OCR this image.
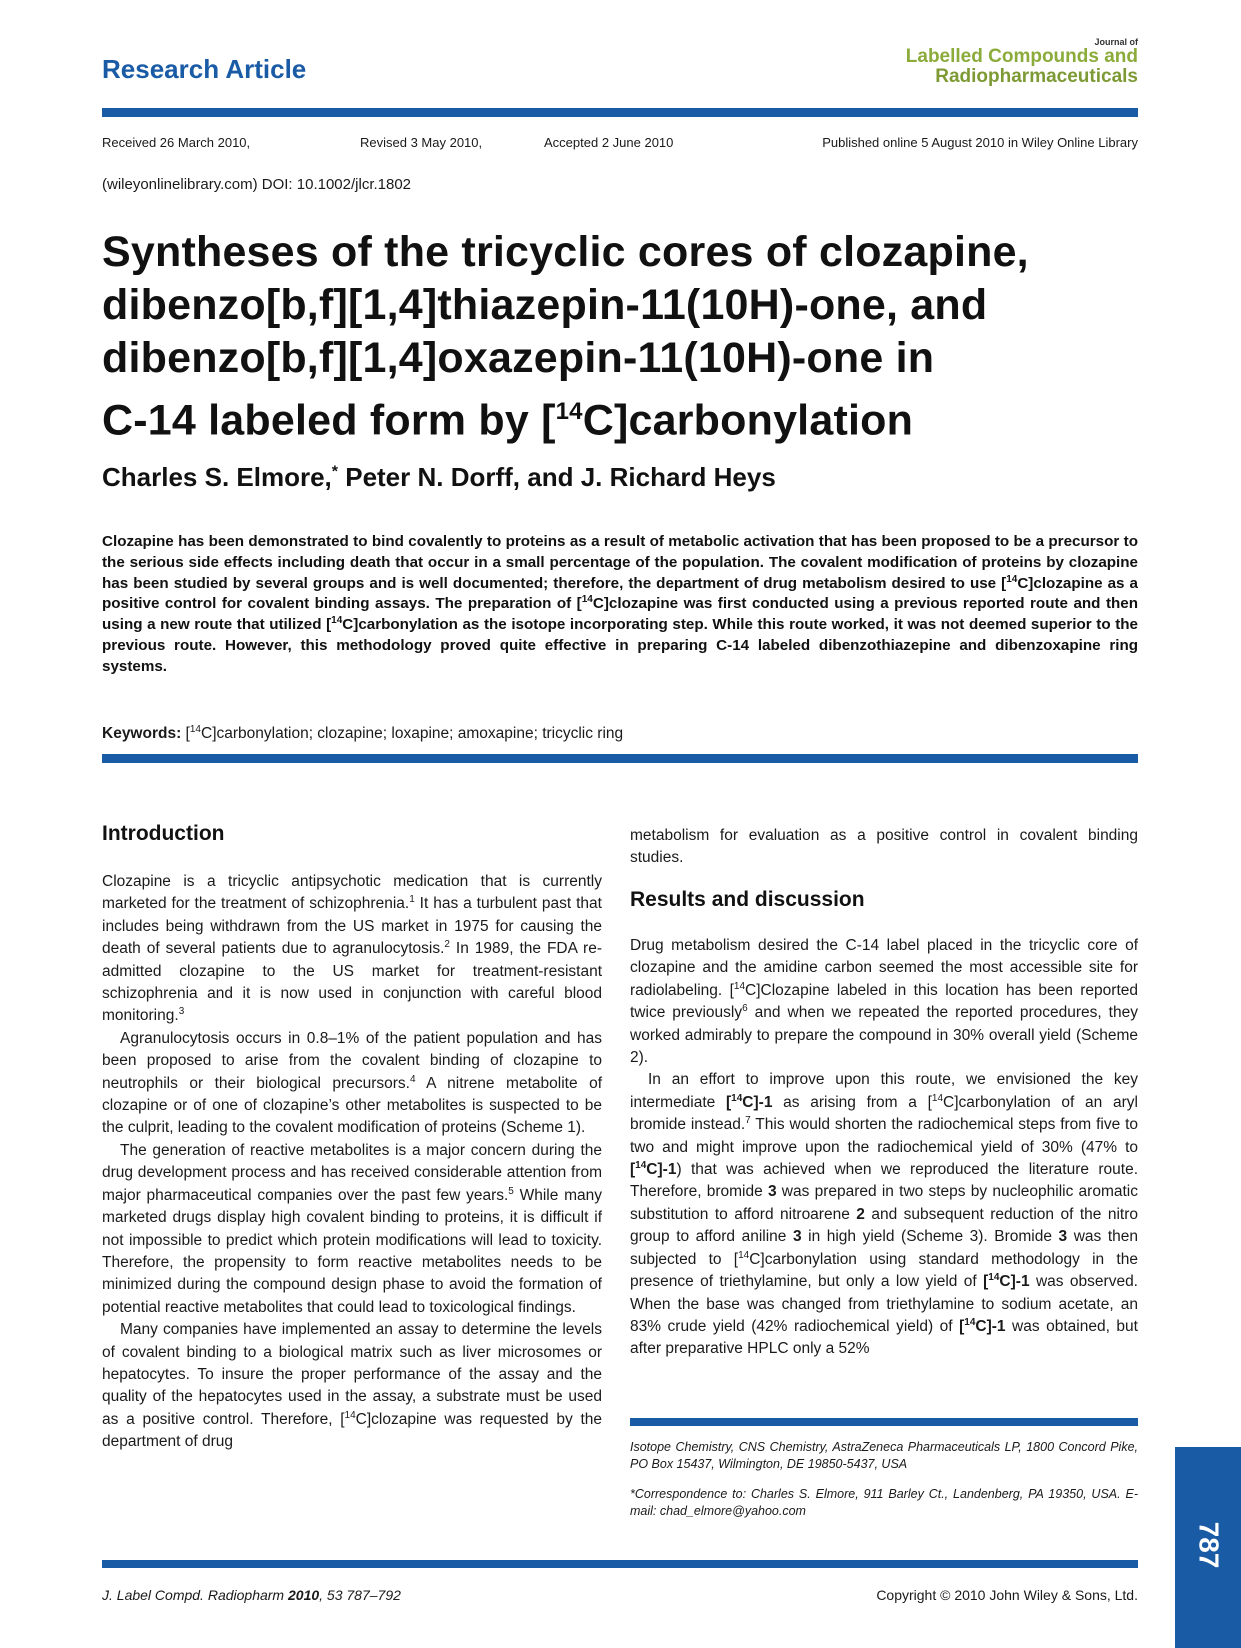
Research Article
Journal of
Labelled Compounds and
Radiopharmaceuticals
Received 26 March 2010,	Revised 3 May 2010,	Accepted 2 June 2010	Published online 5 August 2010 in Wiley Online Library
(wileyonlinelibrary.com) DOI: 10.1002/jlcr.1802
Syntheses of the tricyclic cores of clozapine,
dibenzo[b,f][1,4]thiazepin-11(10H)-one, and
dibenzo[b,f][1,4]oxazepin-11(10H)-one in
C-14 labeled form by [$^{14}$C]carbonylation
Charles S. Elmore,* Peter N. Dorff, and J. Richard Heys
Clozapine has been demonstrated to bind covalently to proteins as a result of metabolic activation that has been proposed to be a precursor to the serious side effects including death that occur in a small percentage of the population. The covalent modification of proteins by clozapine has been studied by several groups and is well documented; therefore, the department of drug metabolism desired to use [$^{14}$C]clozapine as a positive control for covalent binding assays. The preparation of [$^{14}$C]clozapine was first conducted using a previous reported route and then using a new route that utilized [$^{14}$C]carbonylation as the isotope incorporating step. While this route worked, it was not deemed superior to the previous route. However, this methodology proved quite effective in preparing C-14 labeled dibenzothiazepine and dibenzoxapine ring systems.
Keywords: [$^{14}$C]carbonylation; clozapine; loxapine; amoxapine; tricyclic ring
Introduction

Clozapine is a tricyclic antipsychotic medication that is currently marketed for the treatment of schizophrenia.$^1$ It has a turbulent past that includes being withdrawn from the US market in 1975 for causing the death of several patients due to agranulocytosis.$^2$ In 1989, the FDA re-admitted clozapine to the US market for treatment-resistant schizophrenia and it is now used in conjunction with careful blood monitoring.$^3$

Agranulocytosis occurs in 0.8–1% of the patient population and has been proposed to arise from the covalent binding of clozapine to neutrophils or their biological precursors.$^4$ A nitrene metabolite of clozapine or of one of clozapine’s other metabolites is suspected to be the culprit, leading to the covalent modification of proteins (Scheme 1).

The generation of reactive metabolites is a major concern during the drug development process and has received considerable attention from major pharmaceutical companies over the past few years.$^5$ While many marketed drugs display high covalent binding to proteins, it is difficult if not impossible to predict which protein modifications will lead to toxicity. Therefore, the propensity to form reactive metabolites needs to be minimized during the compound design phase to avoid the formation of potential reactive metabolites that could lead to toxicological findings.

Many companies have implemented an assay to determine the levels of covalent binding to a biological matrix such as liver microsomes or hepatocytes. To insure the proper performance of the assay and the quality of the hepatocytes used in the assay, a substrate must be used as a positive control. Therefore, [$^{14}$C]clozapine was requested by the department of drug

metabolism for evaluation as a positive control in covalent binding studies.

Results and discussion

Drug metabolism desired the C-14 label placed in the tricyclic core of clozapine and the amidine carbon seemed the most accessible site for radiolabeling. [$^{14}$C]Clozapine labeled in this location has been reported twice previously$^6$ and when we repeated the reported procedures, they worked admirably to prepare the compound in 30% overall yield (Scheme 2).

In an effort to improve upon this route, we envisioned the key intermediate [$^{14}$C]-1 as arising from a [$^{14}$C]carbonylation of an aryl bromide instead.$^7$ This would shorten the radiochemical steps from five to two and might improve upon the radiochemical yield of 30% (47% to [$^{14}$C]-1) that was achieved when we reproduced the literature route. Therefore, bromide 3 was prepared in two steps by nucleophilic aromatic substitution to afford nitroarene 2 and subsequent reduction of the nitro group to afford aniline 3 in high yield (Scheme 3). Bromide 3 was then subjected to [$^{14}$C]carbonylation using standard methodology in the presence of triethylamine, but only a low yield of [$^{14}$C]-1 was observed. When the base was changed from triethylamine to sodium acetate, an 83% crude yield (42% radiochemical yield) of [$^{14}$C]-1 was obtained, but after preparative HPLC only a 52%

Isotope Chemistry, CNS Chemistry, AstraZeneca Pharmaceuticals LP, 1800 Concord Pike, PO Box 15437, Wilmington, DE 19850-5437, USA
*Correspondence to: Charles S. Elmore, 911 Barley Ct., Landenberg, PA 19350, USA. E-mail: chad_elmore@yahoo.com
787
J. Label Compd. Radiopharm 2010, 53 787–792	Copyright © 2010 John Wiley & Sons, Ltd.
